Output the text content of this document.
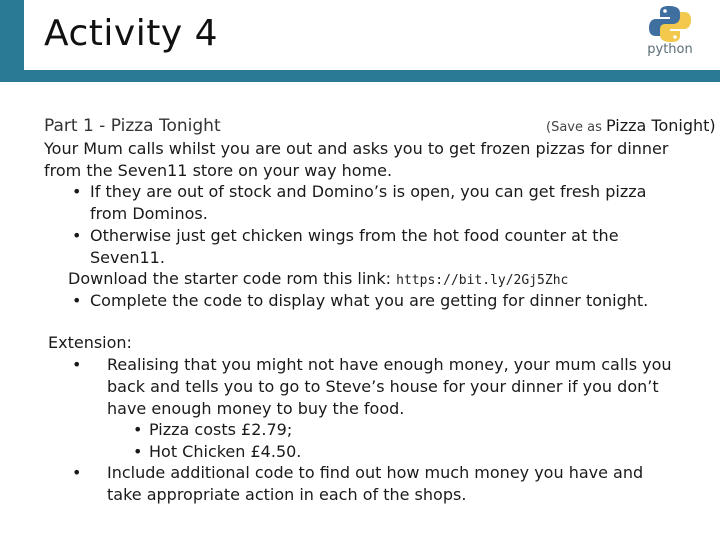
Activity 4	python
Part 1 - Pizza Tonight	(Save as Pizza Tonight)
Your Mum calls whilst you are out and asks you to get frozen pizzas for dinner
from the Seven11 store on your way home.
• If they are out of stock and Domino’s is open, you can get fresh pizza
from Dominos.
• Otherwise just get chicken wings from the hot food counter at the
Seven11.
Download the starter code rom this link: https://bit.ly/2Gj5Zhc
• Complete the code to display what you are getting for dinner tonight.
Extension:
• Realising that you might not have enough money, your mum calls you
back and tells you to go to Steve’s house for your dinner if you don’t
have enough money to buy the food.
• Pizza costs £2.79;
• Hot Chicken £4.50.
• Include additional code to find out how much money you have and
take appropriate action in each of the shops.
